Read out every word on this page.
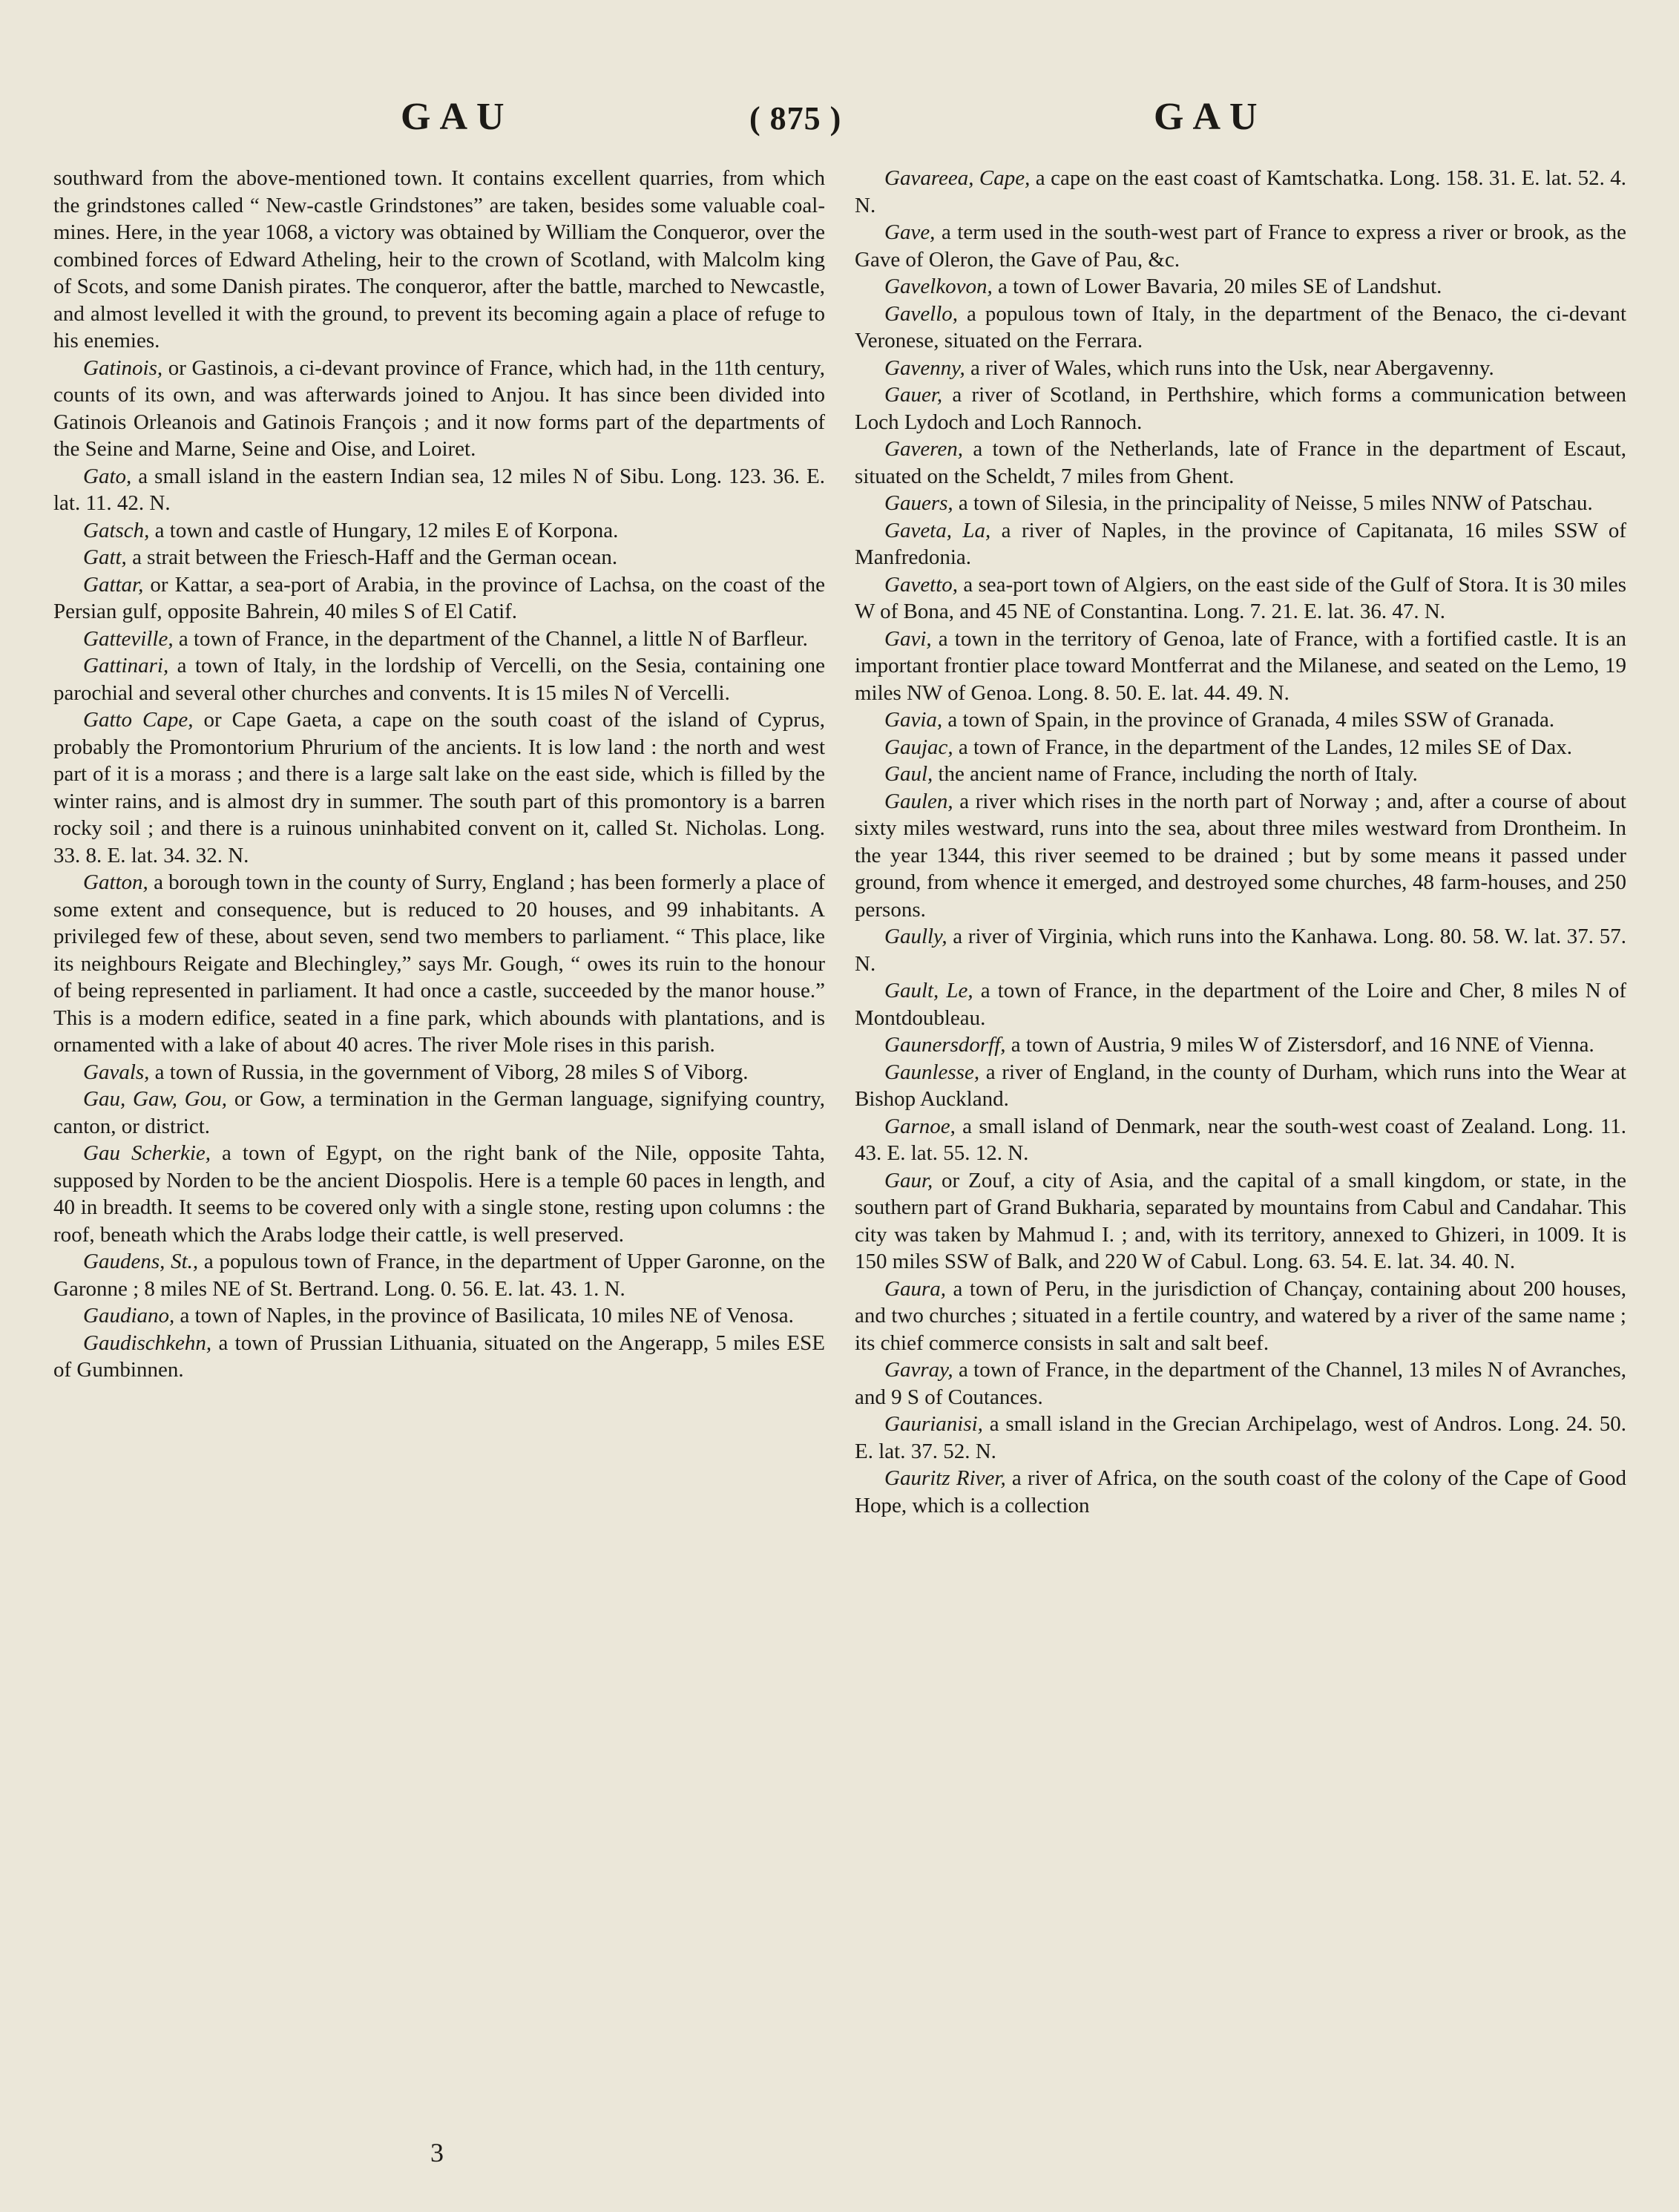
GAU	( 875 )	GAU

southward from the above-mentioned town. It contains excellent quarries, from which the grindstones called “ New-castle Grindstones” are taken, besides some valuable coal-mines. Here, in the year 1068, a victory was obtained by William the Conqueror, over the combined forces of Edward Atheling, heir to the crown of Scotland, with Malcolm king of Scots, and some Danish pirates. The conqueror, after the battle, marched to Newcastle, and almost levelled it with the ground, to prevent its becoming again a place of refuge to his enemies.

Gatinois, or Gastinois, a ci-devant province of France, which had, in the 11th century, counts of its own, and was afterwards joined to Anjou. It has since been divided into Gatinois Orleanois and Gatinois François ; and it now forms part of the departments of the Seine and Marne, Seine and Oise, and Loiret.

Gato, a small island in the eastern Indian sea, 12 miles N of Sibu. Long. 123. 36. E. lat. 11. 42. N.

Gatsch, a town and castle of Hungary, 12 miles E of Korpona.

Gatt, a strait between the Friesch-Haff and the German ocean.

Gattar, or Kattar, a sea-port of Arabia, in the province of Lachsa, on the coast of the Persian gulf, opposite Bahrein, 40 miles S of El Catif.

Gatteville, a town of France, in the department of the Channel, a little N of Barfleur.

Gattinari, a town of Italy, in the lordship of Vercelli, on the Sesia, containing one parochial and several other churches and convents. It is 15 miles N of Vercelli.

Gatto Cape, or Cape Gaeta, a cape on the south coast of the island of Cyprus, probably the Promontorium Phrurium of the ancients. It is low land : the north and west part of it is a morass ; and there is a large salt lake on the east side, which is filled by the winter rains, and is almost dry in summer. The south part of this promontory is a barren rocky soil ; and there is a ruinous uninhabited convent on it, called St. Nicholas. Long. 33. 8. E. lat. 34. 32. N.

Gatton, a borough town in the county of Surry, England ; has been formerly a place of some extent and consequence, but is reduced to 20 houses, and 99 inhabitants. A privileged few of these, about seven, send two members to parliament. “ This place, like its neighbours Reigate and Blechingley,” says Mr. Gough, “ owes its ruin to the honour of being represented in parliament. It had once a castle, succeeded by the manor house.” This is a modern edifice, seated in a fine park, which abounds with plantations, and is ornamented with a lake of about 40 acres. The river Mole rises in this parish.

Gavals, a town of Russia, in the government of Viborg, 28 miles S of Viborg.

Gau, Gaw, Gou, or Gow, a termination in the German language, signifying country, canton, or district.

Gau Scherkie, a town of Egypt, on the right bank of the Nile, opposite Tahta, supposed by Norden to be the ancient Diospolis. Here is a temple 60 paces in length, and 40 in breadth. It seems to be covered only with a single stone, resting upon columns : the roof, beneath which the Arabs lodge their cattle, is well preserved.

Gaudens, St., a populous town of France, in the department of Upper Garonne, on the Garonne ; 8 miles NE of St. Bertrand. Long. 0. 56. E. lat. 43. 1. N.

Gaudiano, a town of Naples, in the province of Basilicata, 10 miles NE of Venosa.

Gaudischkehn, a town of Prussian Lithuania, situated on the Angerapp, 5 miles ESE of Gumbinnen.

Gavareea, Cape, a cape on the east coast of Kamtschatka. Long. 158. 31. E. lat. 52. 4. N.

Gave, a term used in the south-west part of France to express a river or brook, as the Gave of Oleron, the Gave of Pau, &c.

Gavelkovon, a town of Lower Bavaria, 20 miles SE of Landshut.

Gavello, a populous town of Italy, in the department of the Benaco, the ci-devant Veronese, situated on the Ferrara.

Gavenny, a river of Wales, which runs into the Usk, near Abergavenny.

Gauer, a river of Scotland, in Perthshire, which forms a communication between Loch Lydoch and Loch Rannoch.

Gaveren, a town of the Netherlands, late of France in the department of Escaut, situated on the Scheldt, 7 miles from Ghent.

Gauers, a town of Silesia, in the principality of Neisse, 5 miles NNW of Patschau.

Gaveta, La, a river of Naples, in the province of Capitanata, 16 miles SSW of Manfredonia.

Gavetto, a sea-port town of Algiers, on the east side of the Gulf of Stora. It is 30 miles W of Bona, and 45 NE of Constantina. Long. 7. 21. E. lat. 36. 47. N.

Gavi, a town in the territory of Genoa, late of France, with a fortified castle. It is an important frontier place toward Montferrat and the Milanese, and seated on the Lemo, 19 miles NW of Genoa. Long. 8. 50. E. lat. 44. 49. N.

Gavia, a town of Spain, in the province of Granada, 4 miles SSW of Granada.

Gaujac, a town of France, in the department of the Landes, 12 miles SE of Dax.

Gaul, the ancient name of France, including the north of Italy.

Gaulen, a river which rises in the north part of Norway ; and, after a course of about sixty miles westward, runs into the sea, about three miles westward from Drontheim. In the year 1344, this river seemed to be drained ; but by some means it passed under ground, from whence it emerged, and destroyed some churches, 48 farm-houses, and 250 persons.

Gaully, a river of Virginia, which runs into the Kanhawa. Long. 80. 58. W. lat. 37. 57. N.

Gault, Le, a town of France, in the department of the Loire and Cher, 8 miles N of Montdoubleau.

Gaunersdorff, a town of Austria, 9 miles W of Zistersdorf, and 16 NNE of Vienna.

Gaunlesse, a river of England, in the county of Durham, which runs into the Wear at Bishop Auckland.

Garnoe, a small island of Denmark, near the south-west coast of Zealand. Long. 11. 43. E. lat. 55. 12. N.

Gaur, or Zouf, a city of Asia, and the capital of a small kingdom, or state, in the southern part of Grand Bukharia, separated by mountains from Cabul and Candahar. This city was taken by Mahmud I. ; and, with its territory, annexed to Ghizeri, in 1009. It is 150 miles SSW of Balk, and 220 W of Cabul. Long. 63. 54. E. lat. 34. 40. N.

Gaura, a town of Peru, in the jurisdiction of Chançay, containing about 200 houses, and two churches ; situated in a fertile country, and watered by a river of the same name ; its chief commerce consists in salt and salt beef.

Gavray, a town of France, in the department of the Channel, 13 miles N of Avranches, and 9 S of Coutances.

Gaurianisi, a small island in the Grecian Archipelago, west of Andros. Long. 24. 50. E. lat. 37. 52. N.

Gauritz River, a river of Africa, on the south coast of the colony of the Cape of Good Hope, which is a collection

3
